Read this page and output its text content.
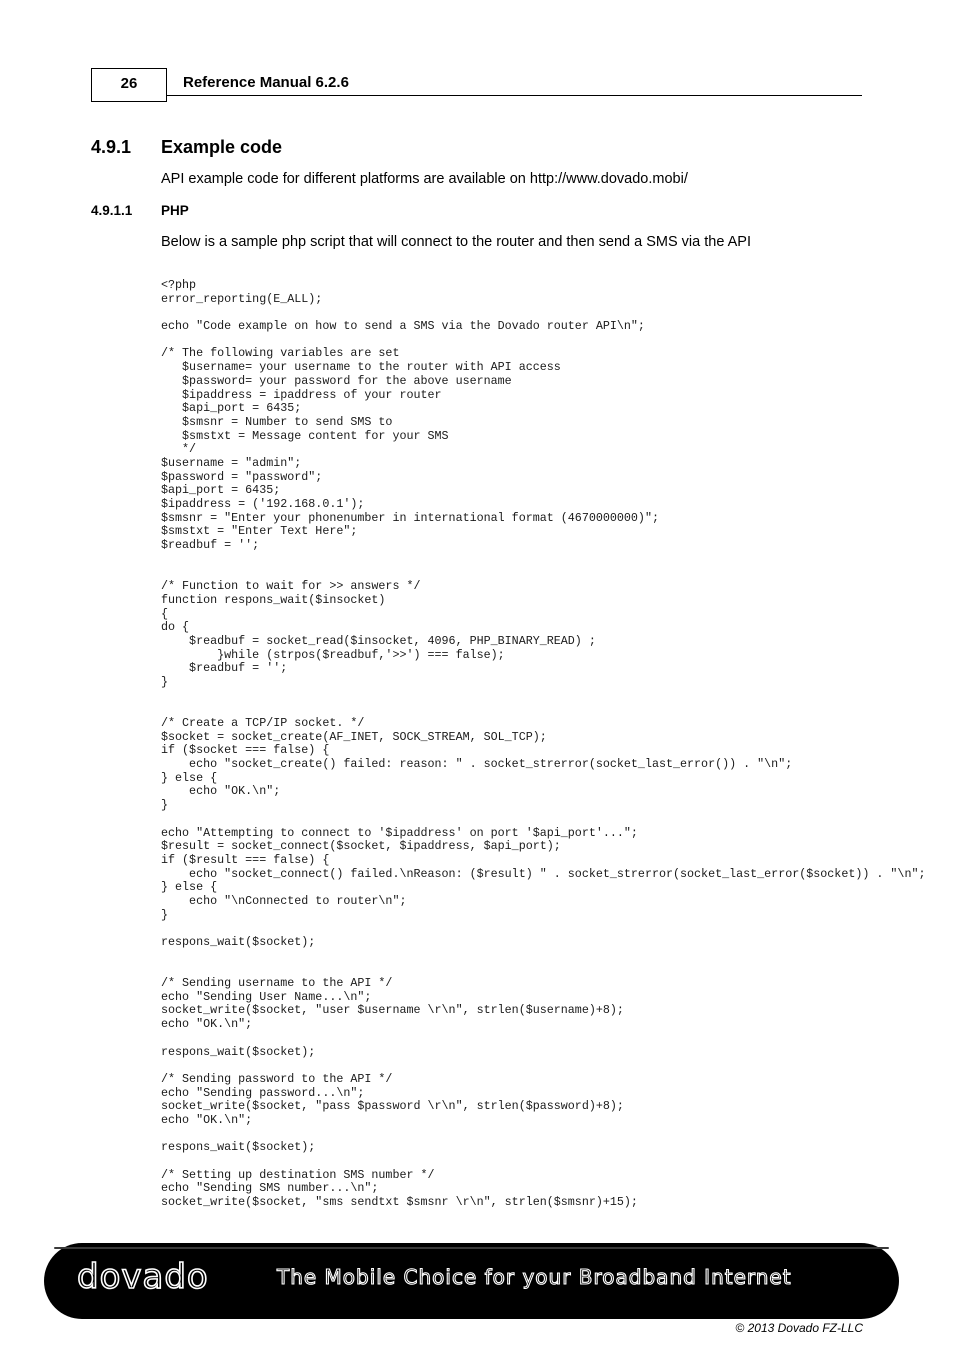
26	Reference Manual 6.2.6
4.9.1 Example code
API example code for different platforms are available on http://www.dovado.mobi/
4.9.1.1 PHP
Below is a sample php script that will connect to the router and then send a SMS via the API
<?php
error_reporting(E_ALL);
echo "Code example on how to send a SMS via the Dovado router API\n";
/* The following variables are set
$username= your username to the router with API access
$password= your password for the above username
$ipaddress = ipaddress of your router
$api_port = 6435;
$smsnr = Number to send SMS to
$smstxt = Message content for your SMS
*/
$username = "admin";
$password = "password";
$api_port = 6435;
$ipaddress = ('192.168.0.1');
$smsnr = "Enter your phonenumber in international format (4670000000)";
$smstxt = "Enter Text Here";
$readbuf = '';
/* Function to wait for >> answers */
function respons_wait($insocket)
{
do {
$readbuf = socket_read($insocket, 4096, PHP_BINARY_READ) ;
}while (strpos($readbuf,'>>') === false);
$readbuf = '';
}
/* Create a TCP/IP socket. */
$socket = socket_create(AF_INET, SOCK_STREAM, SOL_TCP);
if ($socket === false) {
echo "socket_create() failed: reason: " . socket_strerror(socket_last_error()) . "\n";
} else {
echo "OK.\n";
}
echo "Attempting to connect to '$ipaddress' on port '$api_port'...";
$result = socket_connect($socket, $ipaddress, $api_port);
if ($result === false) {
echo "socket_connect() failed.\nReason: ($result) " . socket_strerror(socket_last_error($socket)) . "\n";
} else {
echo "\nConnected to router\n";
}
respons_wait($socket);
/* Sending username to the API */
echo "Sending User Name...\n";
socket_write($socket, "user $username \r\n", strlen($username)+8);
echo "OK.\n";
respons_wait($socket);
/* Sending password to the API */
echo "Sending password...\n";
socket_write($socket, "pass $password \r\n", strlen($password)+8);
echo "OK.\n";
respons_wait($socket);
/* Setting up destination SMS number */
echo "Sending SMS number...\n";
socket_write($socket, "sms sendtxt $smsnr \r\n", strlen($smsnr)+15);
dovado	The Mobile Choice for your Broadband Internet
© 2013 Dovado FZ-LLC
